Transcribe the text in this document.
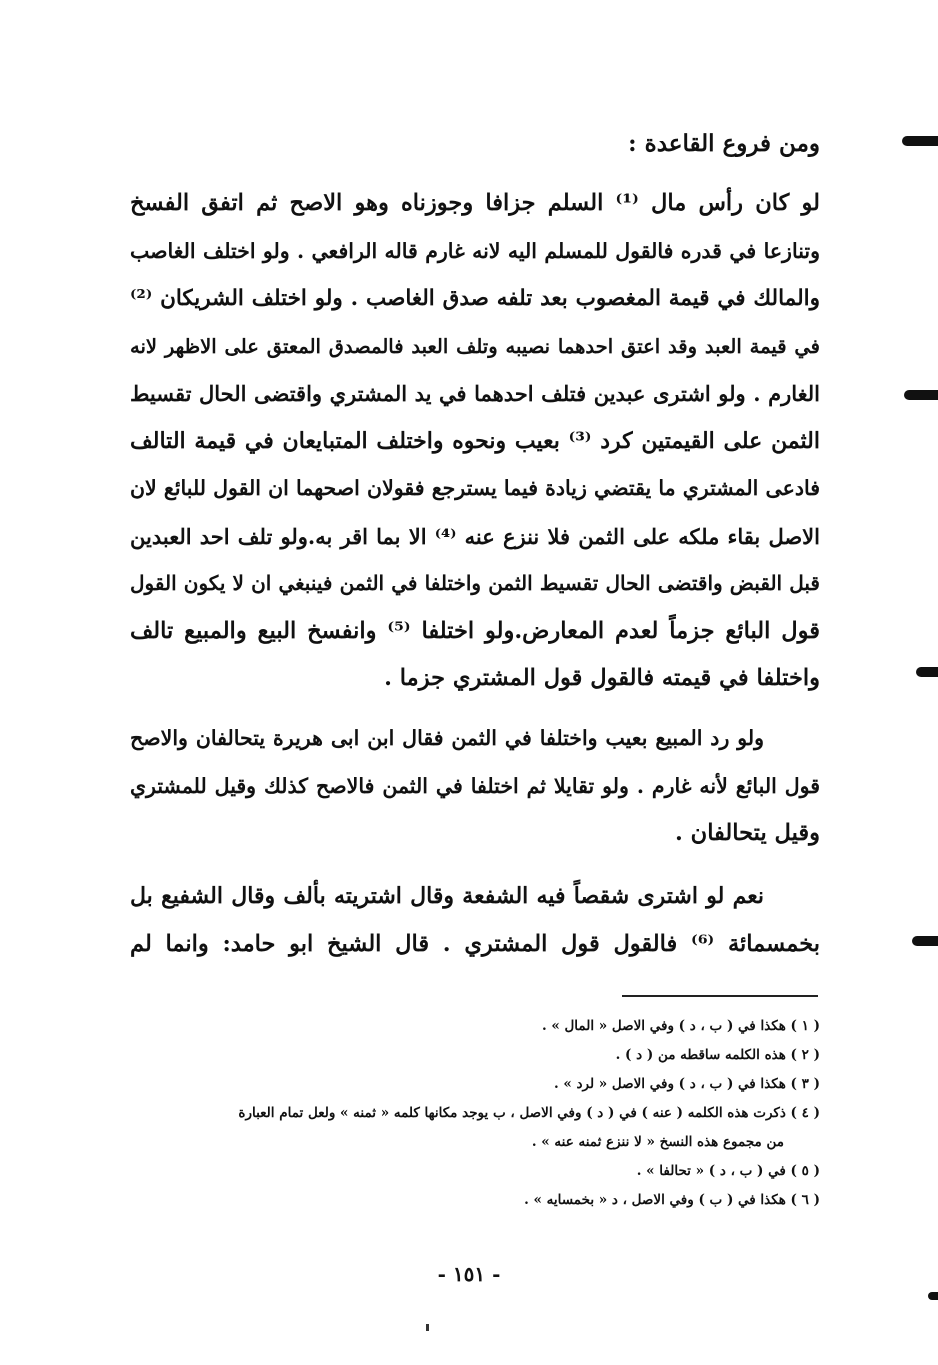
ومن فروع القاعدة :
لو كان رأس مال ⁽¹⁾ السلم جزافا وجوزناه وهو الاصح ثم اتفق الفسخ
وتنازعا في قدره فالقول للمسلم اليه لانه غارم قاله الرافعي . ولو اختلف الغاصب
والمالك في قيمة المغصوب بعد تلفه صدق الغاصب . ولو اختلف الشريكان ⁽²⁾
في قيمة العبد وقد اعتق احدهما نصيبه وتلف العبد فالمصدق المعتق على الاظهر لانه
الغارم . ولو اشترى عبدين فتلف احدهما في يد المشتري واقتضى الحال تقسيط
الثمن على القيمتين كرد ⁽³⁾ بعيب ونحوه واختلف المتبايعان في قيمة التالف
فادعى المشتري ما يقتضي زيادة فيما يسترجع فقولان اصحهما ان القول للبائع لان
الاصل بقاء ملكه على الثمن فلا ننزع عنه ⁽⁴⁾ الا بما اقر به.ولو تلف احد العبدين
قبل القبض واقتضى الحال تقسيط الثمن واختلفا في الثمن فينبغي ان لا يكون القول
قول البائع جزماً لعدم المعارض.ولو اختلفا ⁽⁵⁾ وانفسخ البيع والمبيع تالف
واختلفا في قيمته فالقول قول المشتري جزما .
ولو رد المبيع بعيب واختلفا في الثمن فقال ابن ابى هريرة يتحالفان والاصح
قول البائع لأنه غارم . ولو تقايلا ثم اختلفا في الثمن فالاصح كذلك وقيل للمشتري
وقيل يتحالفان .
نعم لو اشترى شقصاً فيه الشفعة وقال اشتريته بألف وقال الشفيع بل
بخمسمائة ⁽⁶⁾ فالقول قول المشتري . قال الشيخ ابو حامد: وانما لم
( ١ ) هكذا في ( ب ، د ) وفي الاصل « المال » .
( ٢ ) هذه الكلمه ساقطه من ( د ) .
( ٣ ) هكذا في ( ب ، د ) وفي الاصل « لرد » .
( ٤ ) ذكرت هذه الكلمه ( عنه ) في ( د ) وفي الاصل ، ب يوجد مكانها كلمه « ثمنه » ولعل تمام العبارة
من مجموع هذه النسخ « لا ننزع ثمنه عنه » .
( ٥ ) في ( ب ، د ) « تحالفا » .
( ٦ ) هكذا في ( ب ) وفي الاصل ، د « بخمسايه » .
- ١٥١ -
